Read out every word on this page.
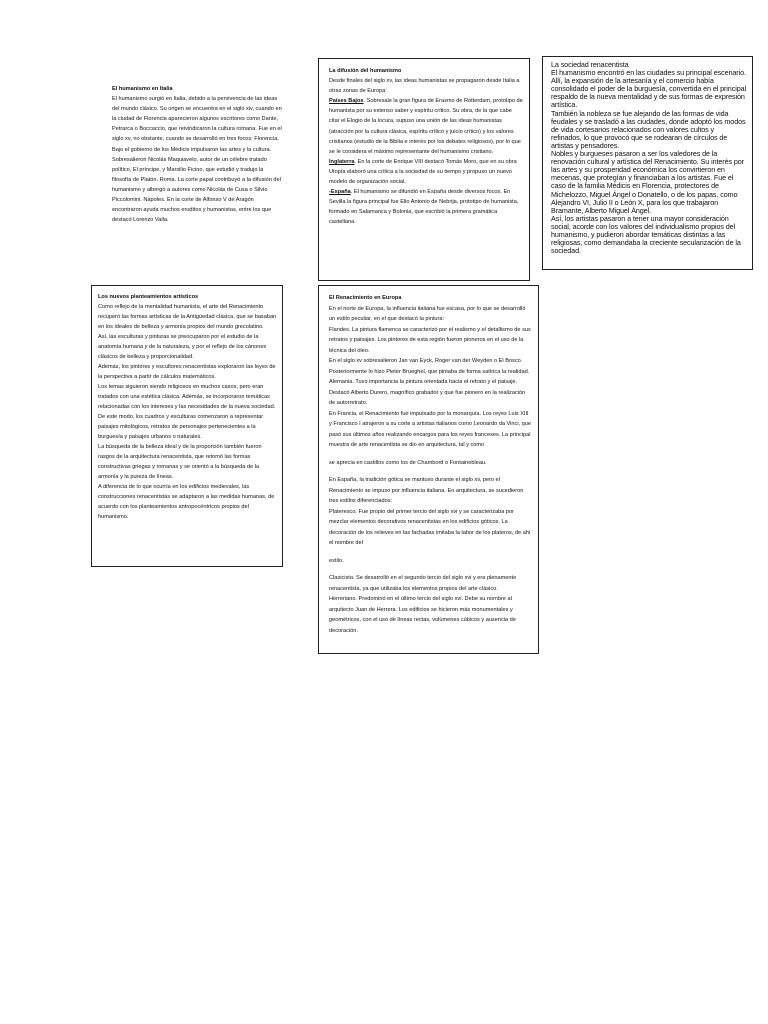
El humanismo en Italia

El humanismo surgió en Italia, debido a la pervivencia de las ideas del mundo clásico. Su origen se encuentra en el siglo xiv, cuando en la ciudad de Florencia aparecieron algunos escritores como Dante, Petrarca o Boccaccio, que reivindicaron la cultura romana. Fue en el siglo xv, no obstante, cuando se desarrolló en tres focos: Florencia. Bajo el gobierno de los Médicis impulsaron las artes y la cultura. Sobresalieron Nicolás Maquiavelo, autor de un célebre tratado político, El príncipe, y Marsilio Ficino, que estudió y tradujo la filosofía de Platón. Roma. La corte papal contribuyó a la difusión del humanismo y albergó a autores como Nicolás de Cusa o Silvio Piccolomini. Nápoles. En la corte de Alfonso V de Aragón encontraron ayuda muchos eruditos y humanistas, entre los que destacó Lorenzo Valla.

La difusión del humanismo

Desde finales del siglo xv, las ideas humanistas se propagaron desde Italia a otras zonas de Europa:

Países Bajos. Sobresale la gran figura de Erasmo de Rotterdam, prototipo de humanista por su extenso saber y espíritu crítico. Su obra, de la que cabe citar el Elogio de la locura, supuso una unión de las ideas humanistas (atracción por la cultura clásica, espíritu crítico y juicio crítico) y los valores cristianos (estudio de la Biblia e interés por los debates religiosos), por lo que se le considera el máximo representante del humanismo cristiano.

Inglaterra. En la corte de Enrique VIII destacó Tomás Moro, que en su obra Utopía elaboró una crítica a la sociedad de su tiempo y propuso un nuevo modelo de organización social.

-España. El humanismo se difundió en España desde diversos focos. En Sevilla la figura principal fue Elio Antonio de Nebrija, prototipo de humanista, formado en Salamanca y Bolonia, que escribió la primera gramática castellana.

La sociedad renacentista

El humanismo encontró en las ciudades su principal escenario. Allí, la expansión de la artesanía y el comercio había consolidado el poder de la burguesía, convertida en el principal respaldo de la nueva mentalidad y de sus formas de expresión artística.

También la nobleza se fue alejando de las formas de vida feudales y se trasladó a las ciudades, donde adoptó los modos de vida cortesanos relacionados con valores cultos y refinados, lo que provocó que se rodearan de círculos de artistas y pensadores.

Nobles y burgueses pasaron a ser los valedores de la renovación cultural y artística del Renacimiento. Su interés por las artes y su prosperidad económica los convirtieron en mecenas, que protegían y financiaban a los artistas. Fue el caso de la familia Médicis en Florencia, protectores de Michelozzo, Miguel Ángel o Donatello, o de los papas, como Alejandro VI, Julio II o León X, para los que trabajaron Bramante, Alberto Miguel Ángel.

Así, los artistas pasaron a tener una mayor consideración social, acorde con los valores del individualismo propios del humanismo, y pudieron abordar temáticas distintas a las religiosas, como demandaba la creciente secularización de la sociedad.

Los nuevos planteamientos artísticos

Como reflejo de la mentalidad humanista, el arte del Renacimiento recuperó las formas artísticas de la Antigüedad clásica, que se basaban en los ideales de belleza y armonía propios del mundo grecolatino.

Así, las esculturas y pinturas se preocuparon por el estudio de la anatomía humana y de la naturaleza, y por el reflejo de los cánones clásicos de belleza y proporcionalidad.

Además, los pintores y escultores renacentistas exploraron las leyes de la perspectiva a partir de cálculos matemáticos.

Los temas siguieron siendo religiosos en muchos casos, pero eran tratados con una estética clásica. Además, se incorporaron temáticas relacionadas con los intereses y las necesidades de la nueva sociedad. De este modo, los cuadros y esculturas comenzaron a representar paisajes mitológicos, retratos de personajes pertenecientes a la burguesía y paisajes urbanos o naturales.

La búsqueda de la belleza ideal y de la proporción también fueron rasgos de la arquitectura renacentista, que retomó las formas constructivas griegas y romanas y se orientó a la búsqueda de la armonía y la pureza de líneas.

A diferencia de lo que ocurría en los edificios medievales, las construcciones renacentistas se adaptaron a las medidas humanas, de acuerdo con los planteamientos antropocéntricos propios del humanismo.

El Renacimiento en Europa

En el norte de Europa, la influencia italiana fue escasa, por lo que se desarrolló un estilo peculiar, en el que destacó la pintura:

Flandes. La pintura flamenca se caracterizó por el realismo y el detallismo de sus retratos y paisajes. Los pintores de esta región fueron pioneros en el uso de la técnica del óleo.

En el siglo xv sobresalieron Jan van Eyck, Roger van der Weyden o El Bosco. Posteriormente lo hizo Pieter Brueghel, que pintaba de forma satírica la realidad. Alemania. Tuvo importancia la pintura orientada hacia el retrato y el paisaje. Destacó Alberto Durero, magnífico grabador y que fue pionero en la realización de autorretrato.

En Francia, el Renacimiento fue impulsado por la monarquía. Los reyes Luis XIII y Francisco I atrajeron a su corte a artistas italianos como Leonardo da Vinci, que pasó sus últimos años realizando encargos para los reyes franceses. La principal muestra de arte renacentista se dio en arquitectura, tal y como

se aprecia en castillos como los de Chambord o Fontainebleau.

En España, la tradición gótica se mantuvo durante el siglo xv, pero el Renacimiento se impuso por influencia italiana. En arquitectura, se sucedieron tres estilos diferenciados:

Plateresco. Fue propio del primer tercio del siglo xvi y se caracterizaba por mezclar elementos decorativos renacentistas en los edificios góticos. La decoración de los relieves en las fachadas imitaba la labor de los plateros, de ahí el nombre del

estilo.

Clasicista. Se desarrolló en el segundo tercio del siglo xvi y era plenamente renacentista, ya que utilizaba los elementos propios del arte clásico.

Herreriano. Predominó en el último tercio del siglo xvi. Debe su nombre al arquitecto Juan de Herrera. Los edificios se hicieron más monumentales y geométricos, con el uso de líneas rectas, volúmenes cúbicos y ausencia de decoración.
